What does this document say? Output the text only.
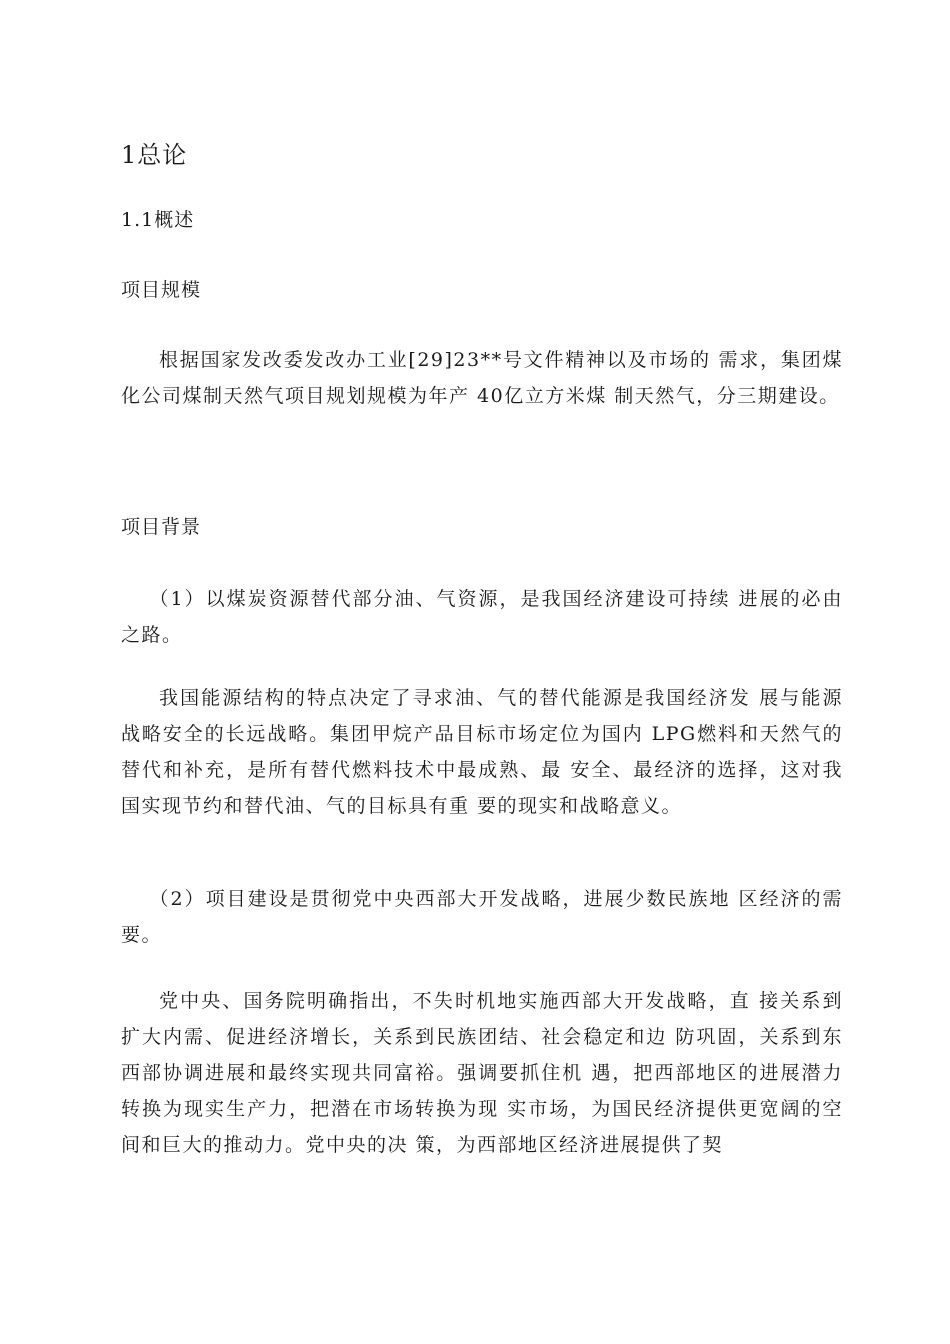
1总论
1.1概述
项目规模

根据国家发改委发改办工业[29]23**号文件精神以及市场的 需求，集团煤化公司煤制天然气项目规划规模为年产 40亿立方米煤 制天然气，分三期建设。

项目背景

（1）以煤炭资源替代部分油、气资源，是我国经济建设可持续 进展的必由之路。

我国能源结构的特点决定了寻求油、气的替代能源是我国经济发 展与能源战略安全的长远战略。集团甲烷产品目标市场定位为国内 LPG燃料和天然气的替代和补充，是所有替代燃料技术中最成熟、最 安全、最经济的选择，这对我国实现节约和替代油、气的目标具有重 要的现实和战略意义。

（2）项目建设是贯彻党中央西部大开发战略，进展少数民族地 区经济的需要。

党中央、国务院明确指出，不失时机地实施西部大开发战略，直 接关系到扩大内需、促进经济增长，关系到民族团结、社会稳定和边 防巩固，关系到东西部协调进展和最终实现共同富裕。强调要抓住机 遇，把西部地区的进展潜力转换为现实生产力，把潜在市场转换为现 实市场，为国民经济提供更宽阔的空间和巨大的推动力。党中央的决 策，为西部地区经济进展提供了契
